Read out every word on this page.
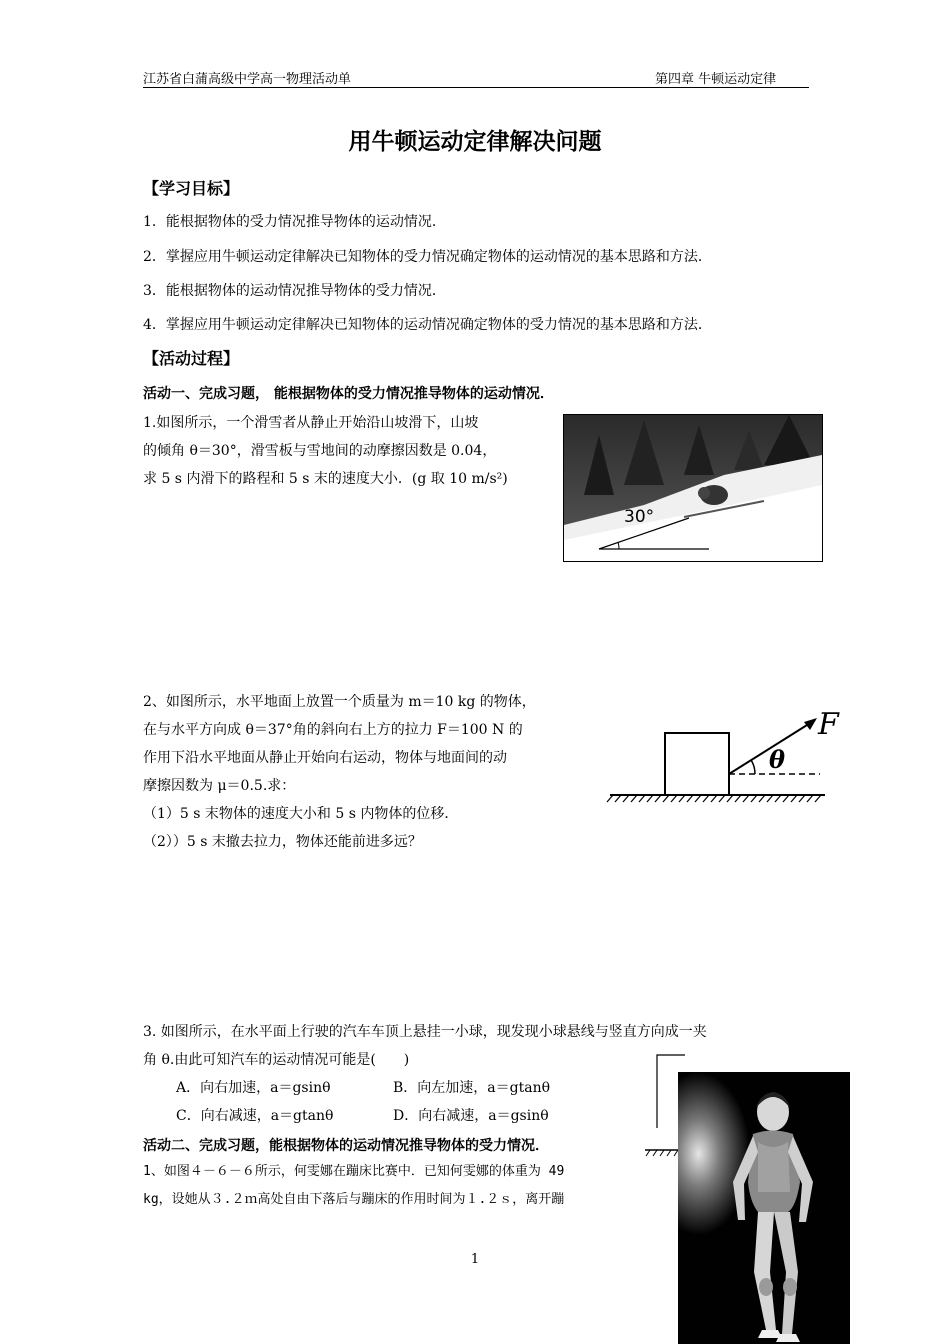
江苏省白蒲高级中学高一物理活动单	第四章 牛顿运动定律
用牛顿运动定律解决问题
【学习目标】
1．能根据物体的受力情况推导物体的运动情况．
2．掌握应用牛顿运动定律解决已知物体的受力情况确定物体的运动情况的基本思路和方法．
3．能根据物体的运动情况推导物体的受力情况．
4．掌握应用牛顿运动定律解决已知物体的运动情况确定物体的受力情况的基本思路和方法．
【活动过程】
活动一、完成习题， 能根据物体的受力情况推导物体的运动情况．
1.如图所示，一个滑雪者从静止开始沿山坡滑下，山坡
的倾角 θ＝30°，滑雪板与雪地间的动摩擦因数是 0.04，
求 5 s 内滑下的路程和 5 s 末的速度大小．(g 取 10 m/s²)
30°
2、如图所示，水平地面上放置一个质量为 m＝10 kg 的物体，
在与水平方向成 θ＝37°角的斜向右上方的拉力 F＝100 N 的
作用下沿水平地面从静止开始向右运动，物体与地面间的动
摩擦因数为 μ＝0.5.求：
（1）5 s 末物体的速度大小和 5 s 内物体的位移．
（2））5 s 末撤去拉力，物体还能前进多远？
F
θ
3. 如图所示，在水平面上行驶的汽车车顶上悬挂一小球，现发现小球悬线与竖直方向成一夹
角 θ.由此可知汽车的运动情况可能是(　　)
A．向右加速，a＝gsinθ	B．向左加速，a＝gtanθ
C．向右减速，a＝gtanθ	D．向右减速，a＝gsinθ
活动二、完成习题，能根据物体的运动情况推导物体的受力情况．
1、如图４－６－６所示，何雯娜在蹦床比赛中．已知何雯娜的体重为 49
kg，设她从３.２ｍ高处自由下落后与蹦床的作用时间为１.２ｓ，离开蹦
1
